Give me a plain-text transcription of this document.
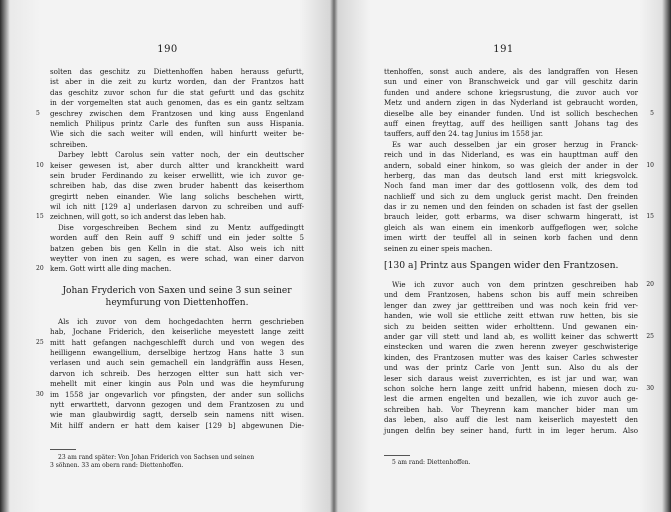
190
solten das geschitz zu Diettenhoffen haben herauss gefurtt,
ist aber in die zeit zu kurtz worden, dan der Frantzos hatt
das geschitz zuvor schon fur die stat gefurtt und das gschitz
in der vorgemelten stat auch genomen, das es ein gantz seltzam
geschrey zwischen dem Frantzosen und king auss Engenland
5
nemlich Philipus printz Carle des funften sun auss Hispania.
Wie sich die sach weiter will enden, will hinfurtt weiter be-
schreiben.
Darbey lebtt Carolus sein vatter noch, der ein deuttscher
keiser gewesen ist, aber durch altter und kranckheitt ward
10
sein bruder Ferdinando zu keiser erwellitt, wie ich zuvor ge-
schreiben hab, das dise zwen bruder habentt das keiserthom
gregirtt neben einander. Wie lang solichs beschehen wirtt,
wil ich nitt [129 a] underlasen darvon zu schreiben und auff-
zeichnen, will gott, so ich anderst das leben hab.
15
Dise vorgeschreiben Bechem sind zu Mentz auffgedingtt
worden auff den Rein auff 9 schiff und ein jeder soltte 5
batzen geben bis gen Kelln in die stat. Also weis ich nitt
weytter von inen zu sagen, es were schad, wan einer darvon
kem. Gott wirtt alle ding machen.
20
Johan Fryderich von Saxen und seine 3 sun seiner
heymfurung von Diettenhoffen.
Als ich zuvor von dem hochgedachten herrn geschrieben
hab, Jochane Friderich, den keiserliche meyestett lange zeitt
mitt hatt gefangen nachgeschlefft durch und von wegen des
25
heilligenn ewangellium, derselbige hertzog Hans hatte 3 sun
verlasen und auch sein gemachell ein landgräffin auss Hesen,
darvon ich schreib. Des herzogen eltter sun hatt sich ver-
mehellt mit einer kingin aus Poln und was die heymfurung
im 1558 jar ongevarlich vor pfingsten, der ander sun sollichs
30
nytt erwarttett, darvonn gezogen und dem Frantzosen zu und
wie man glaubwirdig sagtt, derselb sein namens nitt wisen.
Mit hilff andern er hatt dem kaiser [129 b] abgewunen Die-
23 am rand später: Von Johan Friderich von Sachsen und seinen
3 söhnen. 33 am obern rand: Diettenhoffen.
191
ttenhoffen, sonst auch andere, als des landgraffen von Hesen
sun und einer von Branschweick und gar vill geschitz darin
funden und andere schone kriegsrustung, die zuvor auch vor
Metz und andern zigen in das Nyderland ist gebraucht worden,
dieselbe alle bey einander funden. Und ist sollich beschechen 5
auff einen freyttag, auff des heilligen santt Johans tag des
tauffers, auff den 24. tag Junius im 1558 jar.
Es war auch desselben jar ein groser herzug in Franck-
reich und in das Niderland, es was ein haupttman auff den
andern, sobald einer hinkom, so was gleich der ander in der 10
herberg, das man das deutsch land erst mitt kriegsvolck.
Noch fand man imer dar des gottlosenn volk, des dem tod
nachlieff und sich zu dem ungluck gerist macht. Den freinden
das ir zu nemen und den feinden on schaden ist fast der gsellen
brauch leider, gott erbarms, wa diser schwarm hingeratt, ist 15
gleich als wan einem ein imenkorb auffgeflogen wer, solche
imen wirtt der teuffel all in seinen korb fachen und denn
seinen zu einer speis machen.
[130 a] Printz aus Spangen wider den Frantzosen.
Wie ich zuvor auch von dem printzen geschreiben hab 20
und dem Frantzosen, habens schon bis auff mein schreiben
lenger dan zwey jar getttreiben und was noch kein frid ver-
handen, wie woll sie ettliche zeitt ettwan ruw hetten, bis sie
sich zu beiden seitten wider erholttenn. Und gewanen ein-
ander gar vill stett und land ab, es wollitt keiner das schwertt 25
einstecken und waren die zwen herenn zweyer geschwisterige
kinden, des Frantzosen mutter was des kaiser Carles schwester
und was der printz Carle von Jentt sun. Also du als der
leser sich daraus weist zuverrichten, es ist jar und war, wan
schon solche hern lange zeitt unfrid habenn, miesen doch zu- 30
lest die armen engelten und bezallen, wie ich zuvor auch ge-
schreiben hab. Vor Theyrenn kam mancher bider man um
das leben, also auff die lest nam keiserlich mayestett den
jungen delfin bey seiner hand, furtt in im leger herum. Also
5 am rand: Diettenhoffen.
